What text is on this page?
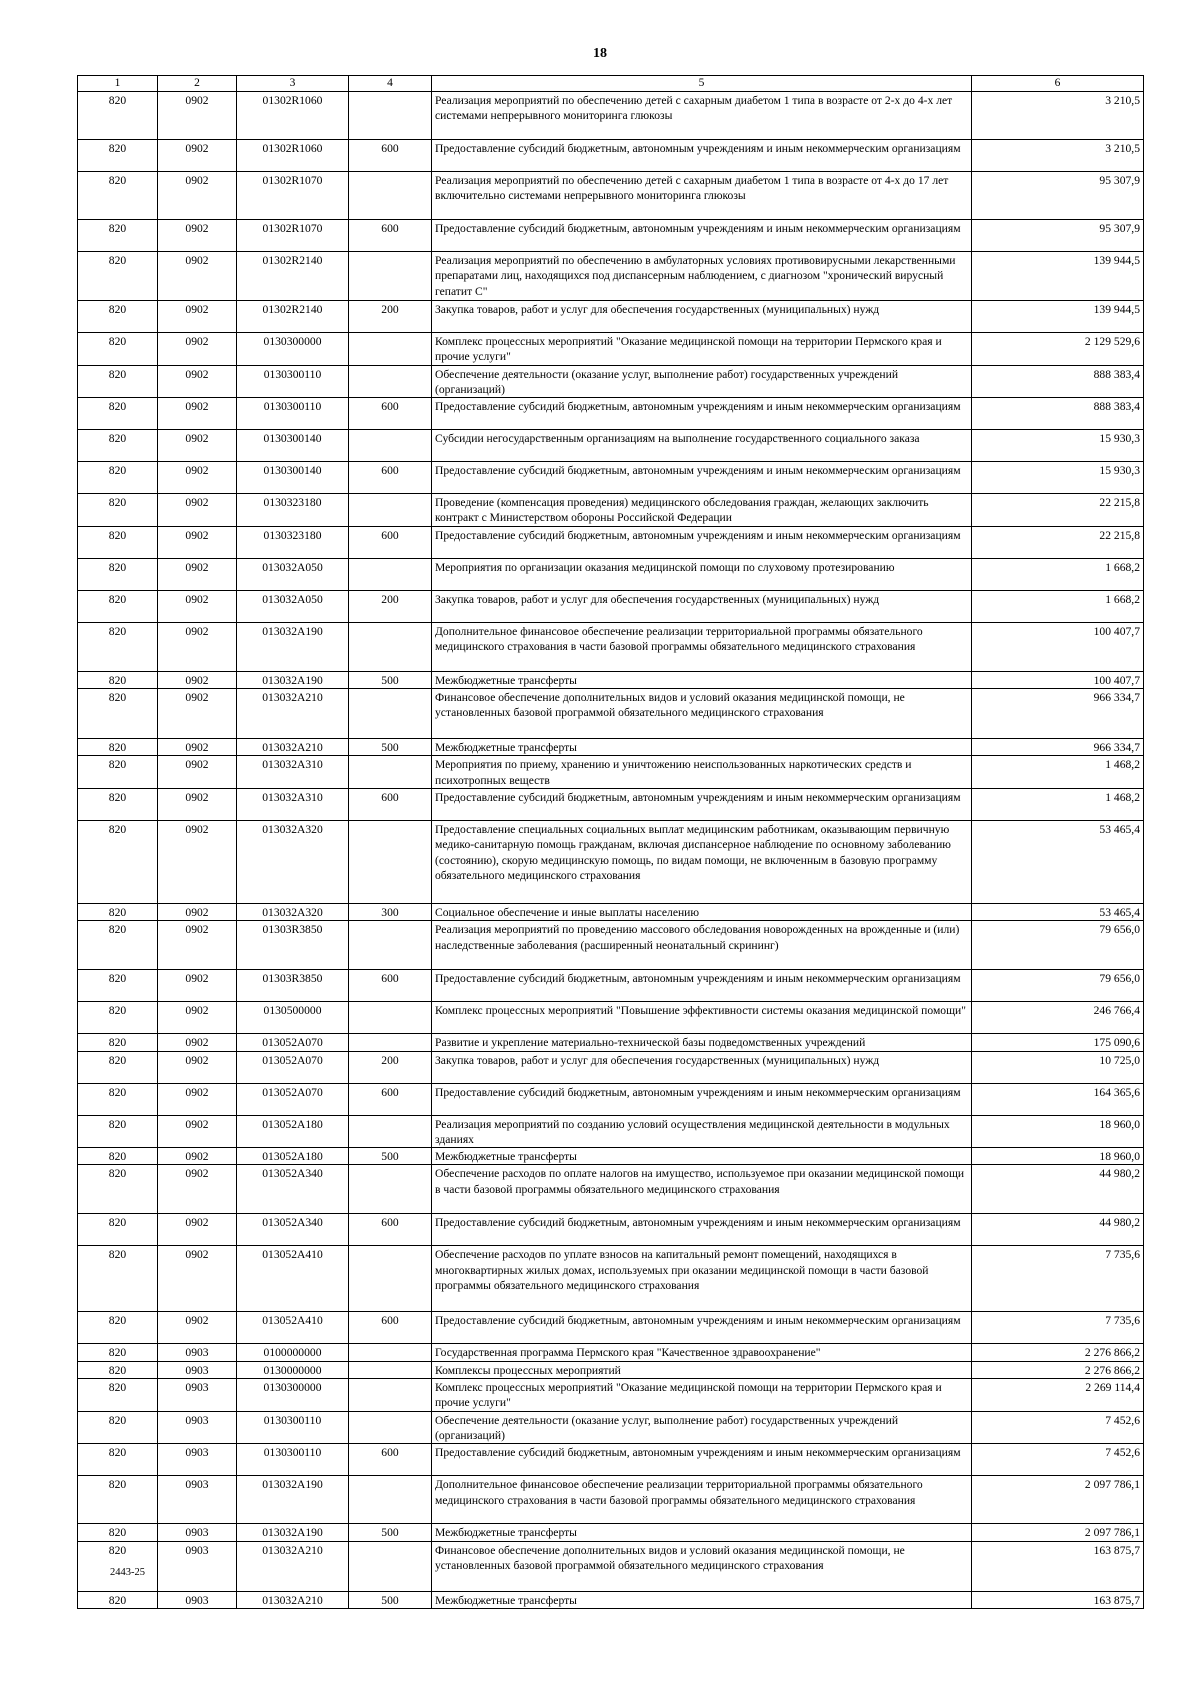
18
1	2	3	4	5	6
820	0902	01302R1060		Реализация мероприятий по обеспечению детей с сахарным диабетом 1 типа в возрасте от 2-х до 4-х лет системами непрерывного мониторинга глюкозы	3 210,5
820	0902	01302R1060	600	Предоставление субсидий бюджетным, автономным учреждениям и иным некоммерческим организациям	3 210,5
820	0902	01302R1070		Реализация мероприятий по обеспечению детей с сахарным диабетом 1 типа в возрасте от 4-х до 17 лет включительно системами непрерывного мониторинга глюкозы	95 307,9
820	0902	01302R1070	600	Предоставление субсидий бюджетным, автономным учреждениям и иным некоммерческим организациям	95 307,9
820	0902	01302R2140		Реализация мероприятий по обеспечению в амбулаторных условиях противовирусными лекарственными препаратами лиц, находящихся под диспансерным наблюдением, с диагнозом "хронический вирусный гепатит С"	139 944,5
820	0902	01302R2140	200	Закупка товаров, работ и услуг для обеспечения государственных (муниципальных) нужд	139 944,5
820	0902	0130300000		Комплекс процессных мероприятий "Оказание медицинской помощи на территории Пермского края и прочие услуги"	2 129 529,6
820	0902	0130300110		Обеспечение деятельности (оказание услуг, выполнение работ) государственных учреждений (организаций)	888 383,4
820	0902	0130300110	600	Предоставление субсидий бюджетным, автономным учреждениям и иным некоммерческим организациям	888 383,4
820	0902	0130300140		Субсидии негосударственным организациям на выполнение государственного социального заказа	15 930,3
820	0902	0130300140	600	Предоставление субсидий бюджетным, автономным учреждениям и иным некоммерческим организациям	15 930,3
820	0902	0130323180		Проведение (компенсация проведения) медицинского обследования граждан, желающих заключить контракт с Министерством обороны Российской Федерации	22 215,8
820	0902	0130323180	600	Предоставление субсидий бюджетным, автономным учреждениям и иным некоммерческим организациям	22 215,8
820	0902	013032A050		Мероприятия по организации оказания медицинской помощи по слуховому протезированию	1 668,2
820	0902	013032A050	200	Закупка товаров, работ и услуг для обеспечения государственных (муниципальных) нужд	1 668,2
820	0902	013032A190		Дополнительное финансовое обеспечение реализации территориальной программы обязательного медицинского страхования в части базовой программы обязательного медицинского страхования	100 407,7
820	0902	013032A190	500	Межбюджетные трансферты	100 407,7
820	0902	013032A210		Финансовое обеспечение дополнительных видов и условий оказания медицинской помощи, не установленных базовой программой обязательного медицинского страхования	966 334,7
820	0902	013032A210	500	Межбюджетные трансферты	966 334,7
820	0902	013032A310		Мероприятия по приему, хранению и уничтожению неиспользованных наркотических средств и психотропных веществ	1 468,2
820	0902	013032A310	600	Предоставление субсидий бюджетным, автономным учреждениям и иным некоммерческим организациям	1 468,2
820	0902	013032A320		Предоставление специальных социальных выплат медицинским работникам, оказывающим первичную медико-санитарную помощь гражданам, включая диспансерное наблюдение по основному заболеванию (состоянию), скорую медицинскую помощь, по видам помощи, не включенным в базовую программу обязательного медицинского страхования	53 465,4
820	0902	013032A320	300	Социальное обеспечение и иные выплаты населению	53 465,4
820	0902	01303R3850		Реализация мероприятий по проведению массового обследования новорожденных на врожденные и (или) наследственные заболевания (расширенный неонатальный скрининг)	79 656,0
820	0902	01303R3850	600	Предоставление субсидий бюджетным, автономным учреждениям и иным некоммерческим организациям	79 656,0
820	0902	0130500000		Комплекс процессных мероприятий "Повышение эффективности системы оказания медицинской помощи"	246 766,4
820	0902	013052A070		Развитие и укрепление материально-технической базы подведомственных учреждений	175 090,6
820	0902	013052A070	200	Закупка товаров, работ и услуг для обеспечения государственных (муниципальных) нужд	10 725,0
820	0902	013052A070	600	Предоставление субсидий бюджетным, автономным учреждениям и иным некоммерческим организациям	164 365,6
820	0902	013052A180		Реализация мероприятий по созданию условий осуществления медицинской деятельности в модульных зданиях	18 960,0
820	0902	013052A180	500	Межбюджетные трансферты	18 960,0
820	0902	013052A340		Обеспечение расходов по оплате налогов на имущество, используемое при оказании медицинской помощи в части базовой программы обязательного медицинского страхования	44 980,2
820	0902	013052A340	600	Предоставление субсидий бюджетным, автономным учреждениям и иным некоммерческим организациям	44 980,2
820	0902	013052A410		Обеспечение расходов по уплате взносов на капитальный ремонт помещений, находящихся в многоквартирных жилых домах, используемых при оказании медицинской помощи в части базовой программы обязательного медицинского страхования	7 735,6
820	0902	013052A410	600	Предоставление субсидий бюджетным, автономным учреждениям и иным некоммерческим организациям	7 735,6
820	0903	0100000000		Государственная программа Пермского края "Качественное здравоохранение"	2 276 866,2
820	0903	0130000000		Комплексы процессных мероприятий	2 276 866,2
820	0903	0130300000		Комплекс процессных мероприятий "Оказание медицинской помощи на территории Пермского края и прочие услуги"	2 269 114,4
820	0903	0130300110		Обеспечение деятельности (оказание услуг, выполнение работ) государственных учреждений (организаций)	7 452,6
820	0903	0130300110	600	Предоставление субсидий бюджетным, автономным учреждениям и иным некоммерческим организациям	7 452,6
820	0903	013032A190		Дополнительное финансовое обеспечение реализации территориальной программы обязательного медицинского страхования в части базовой программы обязательного медицинского страхования	2 097 786,1
820	0903	013032A190	500	Межбюджетные трансферты	2 097 786,1
820	0903	013032A210		Финансовое обеспечение дополнительных видов и условий оказания медицинской помощи, не установленных базовой программой обязательного медицинского страхования	163 875,7
820	0903	013032A210	500	Межбюджетные трансферты	163 875,7
2443-25
